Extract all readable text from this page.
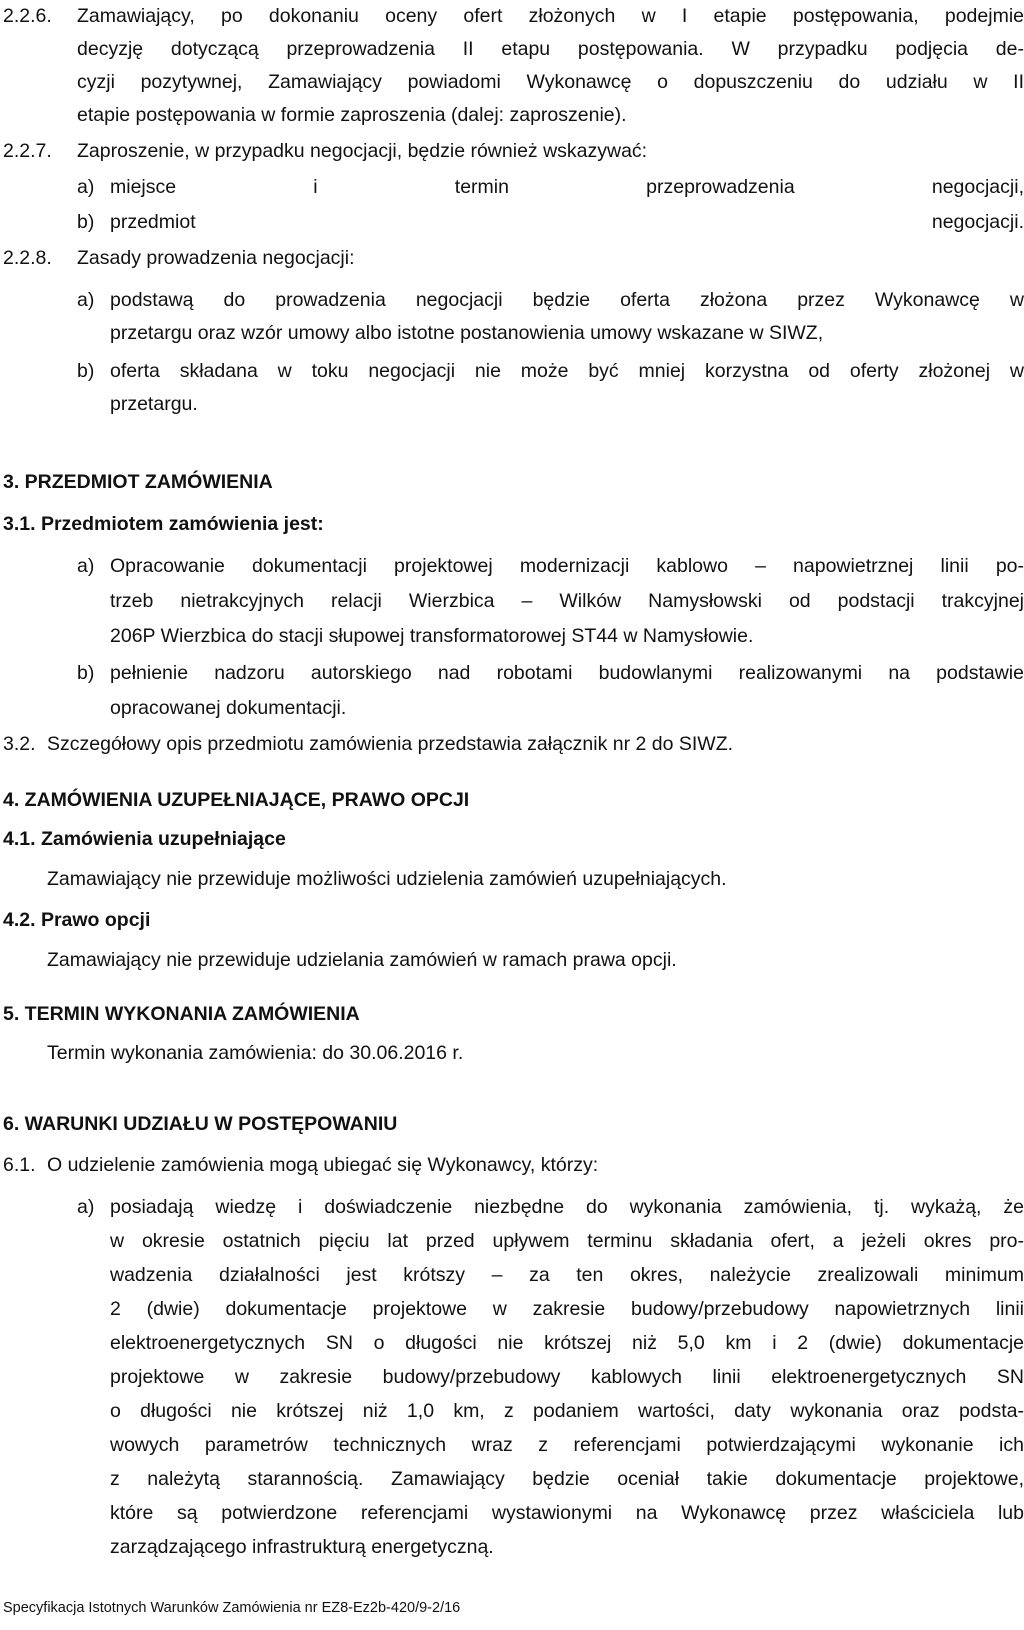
2.2.6. Zamawiający, po dokonaniu oceny ofert złożonych w I etapie postępowania, podejmie
decyzję dotyczącą przeprowadzenia II etapu postępowania. W przypadku podjęcia de-
cyzji pozytywnej, Zamawiający powiadomi Wykonawcę o dopuszczeniu do udziału w II
etapie postępowania w formie zaproszenia (dalej: zaproszenie).
2.2.7. Zaproszenie, w przypadku negocjacji, będzie również wskazywać:
a) miejsce i termin przeprowadzenia negocjacji,
b) przedmiot negocjacji.
2.2.8. Zasady prowadzenia negocjacji:
a) podstawą do prowadzenia negocjacji będzie oferta złożona przez Wykonawcę w
przetargu oraz wzór umowy albo istotne postanowienia umowy wskazane w SIWZ,
b) oferta składana w toku negocjacji nie może być mniej korzystna od oferty złożonej w
przetargu.
3. PRZEDMIOT ZAMÓWIENIA
3.1. Przedmiotem zamówienia jest:
a) Opracowanie dokumentacji projektowej modernizacji kablowo – napowietrznej linii po-
trzeb nietrakcyjnych relacji Wierzbica – Wilków Namysłowski od podstacji trakcyjnej
206P Wierzbica do stacji słupowej transformatorowej ST44 w Namysłowie.
b) pełnienie nadzoru autorskiego nad robotami budowlanymi realizowanymi na podstawie
opracowanej dokumentacji.
3.2. Szczegółowy opis przedmiotu zamówienia przedstawia załącznik nr 2 do SIWZ.
4. ZAMÓWIENIA UZUPEŁNIAJĄCE, PRAWO OPCJI
4.1. Zamówienia uzupełniające
Zamawiający nie przewiduje możliwości udzielenia zamówień uzupełniających.
4.2. Prawo opcji
Zamawiający nie przewiduje udzielania zamówień w ramach prawa opcji.
5. TERMIN WYKONANIA ZAMÓWIENIA
Termin wykonania zamówienia: do 30.06.2016 r.
6. WARUNKI UDZIAŁU W POSTĘPOWANIU
6.1. O udzielenie zamówienia mogą ubiegać się Wykonawcy, którzy:
a) posiadają wiedzę i doświadczenie niezbędne do wykonania zamówienia, tj. wykażą, że
w okresie ostatnich pięciu lat przed upływem terminu składania ofert, a jeżeli okres pro-
wadzenia działalności jest krótszy – za ten okres, należycie zrealizowali minimum
2 (dwie) dokumentacje projektowe w zakresie budowy/przebudowy napowietrznych linii
elektroenergetycznych SN o długości nie krótszej niż 5,0 km i 2 (dwie) dokumentacje
projektowe w zakresie budowy/przebudowy kablowych linii elektroenergetycznych SN
o długości nie krótszej niż 1,0 km, z podaniem wartości, daty wykonania oraz podsta-
wowych parametrów technicznych wraz z referencjami potwierdzającymi wykonanie ich
z należytą starannością. Zamawiający będzie oceniał takie dokumentacje projektowe,
które są potwierdzone referencjami wystawionymi na Wykonawcę przez właściciela lub
zarządzającego infrastrukturą energetyczną.
Specyfikacja Istotnych Warunków Zamówienia nr EZ8-Ez2b-420/9-2/16
